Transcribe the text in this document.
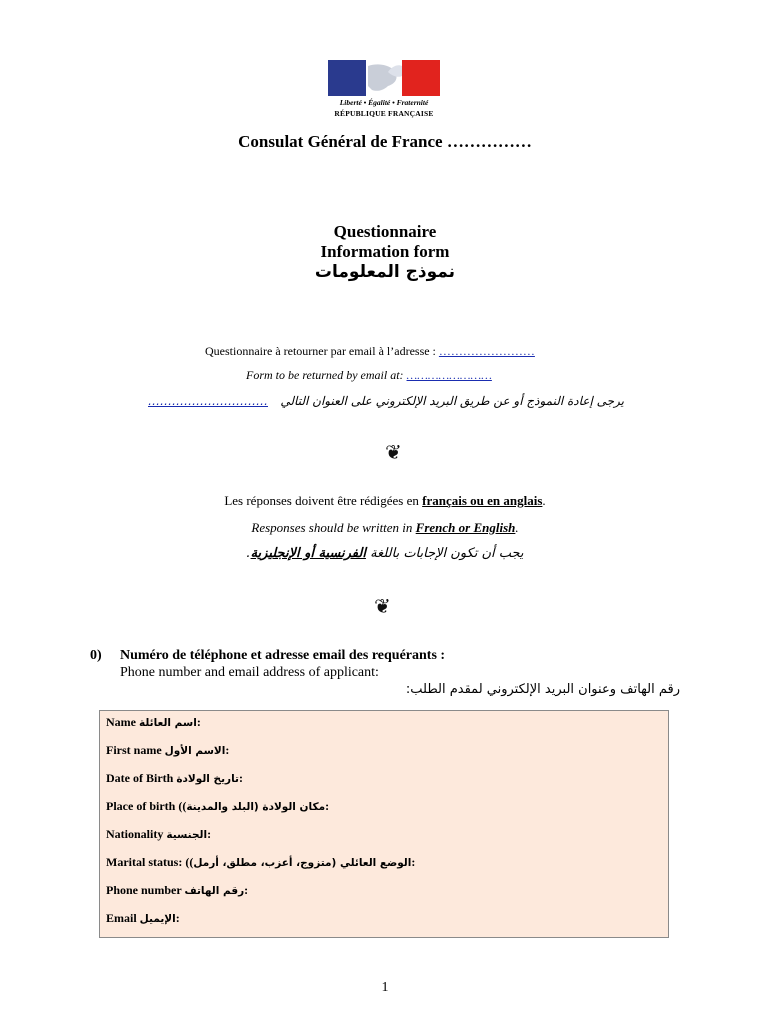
Liberté • Égalité • Fraternité
RÉPUBLIQUE FRANÇAISE
Consulat Général de France ……………
Questionnaire
Information form
نموذج المعلومات
Questionnaire à retourner par email à l’adresse : ……………………
Form to be returned by email at: ……………………
………………………… يرجى إعادة النموذج أو عن طريق البريد الإلكتروني على العنوان التالي
❦
Les réponses doivent être rédigées en français ou en anglais.
Responses should be written in French or English.
يجب أن تكون الإجابات باللغة الفرنسية أو الإنجليزية.
❦
0) Numéro de téléphone et adresse email des requérants :
Phone number and email address of applicant:
رقم الهاتف وعنوان البريد الإلكتروني لمقدم الطلب:
Name اسم العائلة:
First name الاسم الأول:
Date of Birth تاريخ الولادة:
Place of birth ( مكان الولادة (البلد والمدينة)	:
Nationality الجنسية:
Marital status: ( الوضع العائلي (متزوج، أعزب، مطلق، أرمل)	:
Phone number رقم الهاتف:
Email الإيميل:
1
